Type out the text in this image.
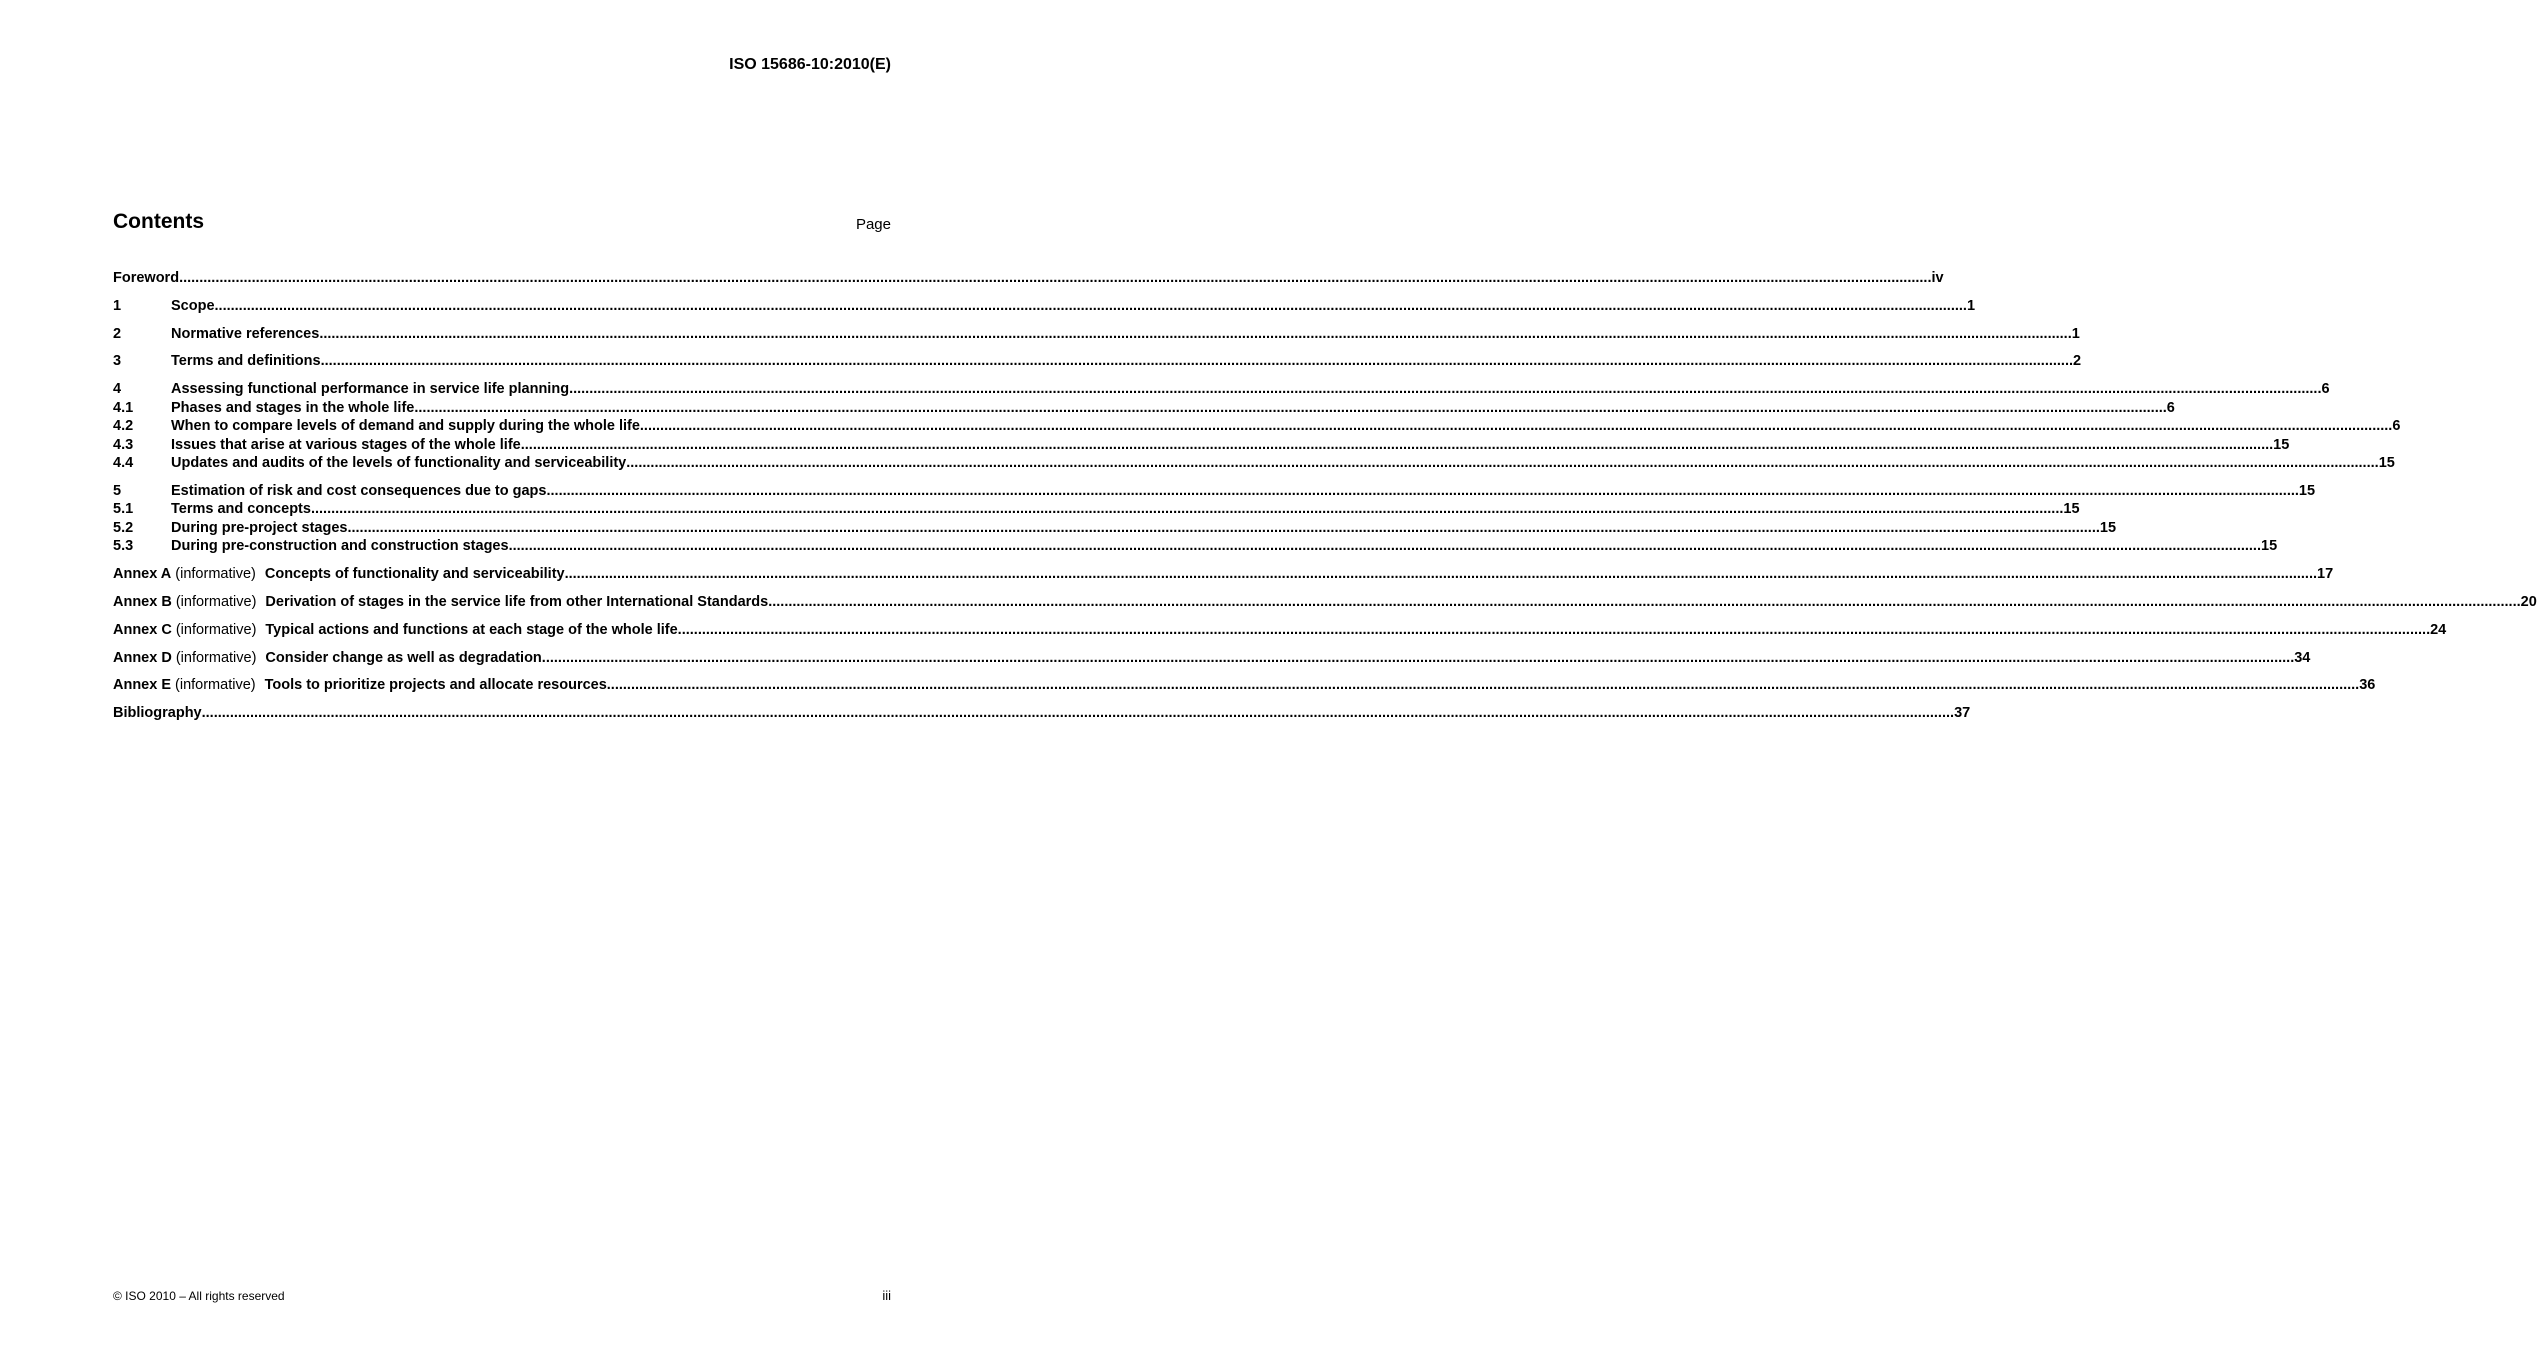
ISO 15686-10:2010(E)
Contents	Page
Foreword .....	iv
1	Scope .....	1
2	Normative references .....	1
3	Terms and definitions .....	2
4	Assessing functional performance in service life planning .....	6
4.1	Phases and stages in the whole life .....	6
4.2	When to compare levels of demand and supply during the whole life .....	6
4.3	Issues that arise at various stages of the whole life .....	15
4.4	Updates and audits of the levels of functionality and serviceability .....	15
5	Estimation of risk and cost consequences due to gaps .....	15
5.1	Terms and concepts .....	15
5.2	During pre-project stages .....	15
5.3	During pre-construction and construction stages .....	15
Annex A (informative) Concepts of functionality and serviceability .....	17
Annex B (informative) Derivation of stages in the service life from other International Standards .....	20
Annex C (informative) Typical actions and functions at each stage of the whole life .....	24
Annex D (informative) Consider change as well as degradation .....	34
Annex E (informative) Tools to prioritize projects and allocate resources .....	36
Bibliography .....	37
© ISO 2010 – All rights reserved	iii
